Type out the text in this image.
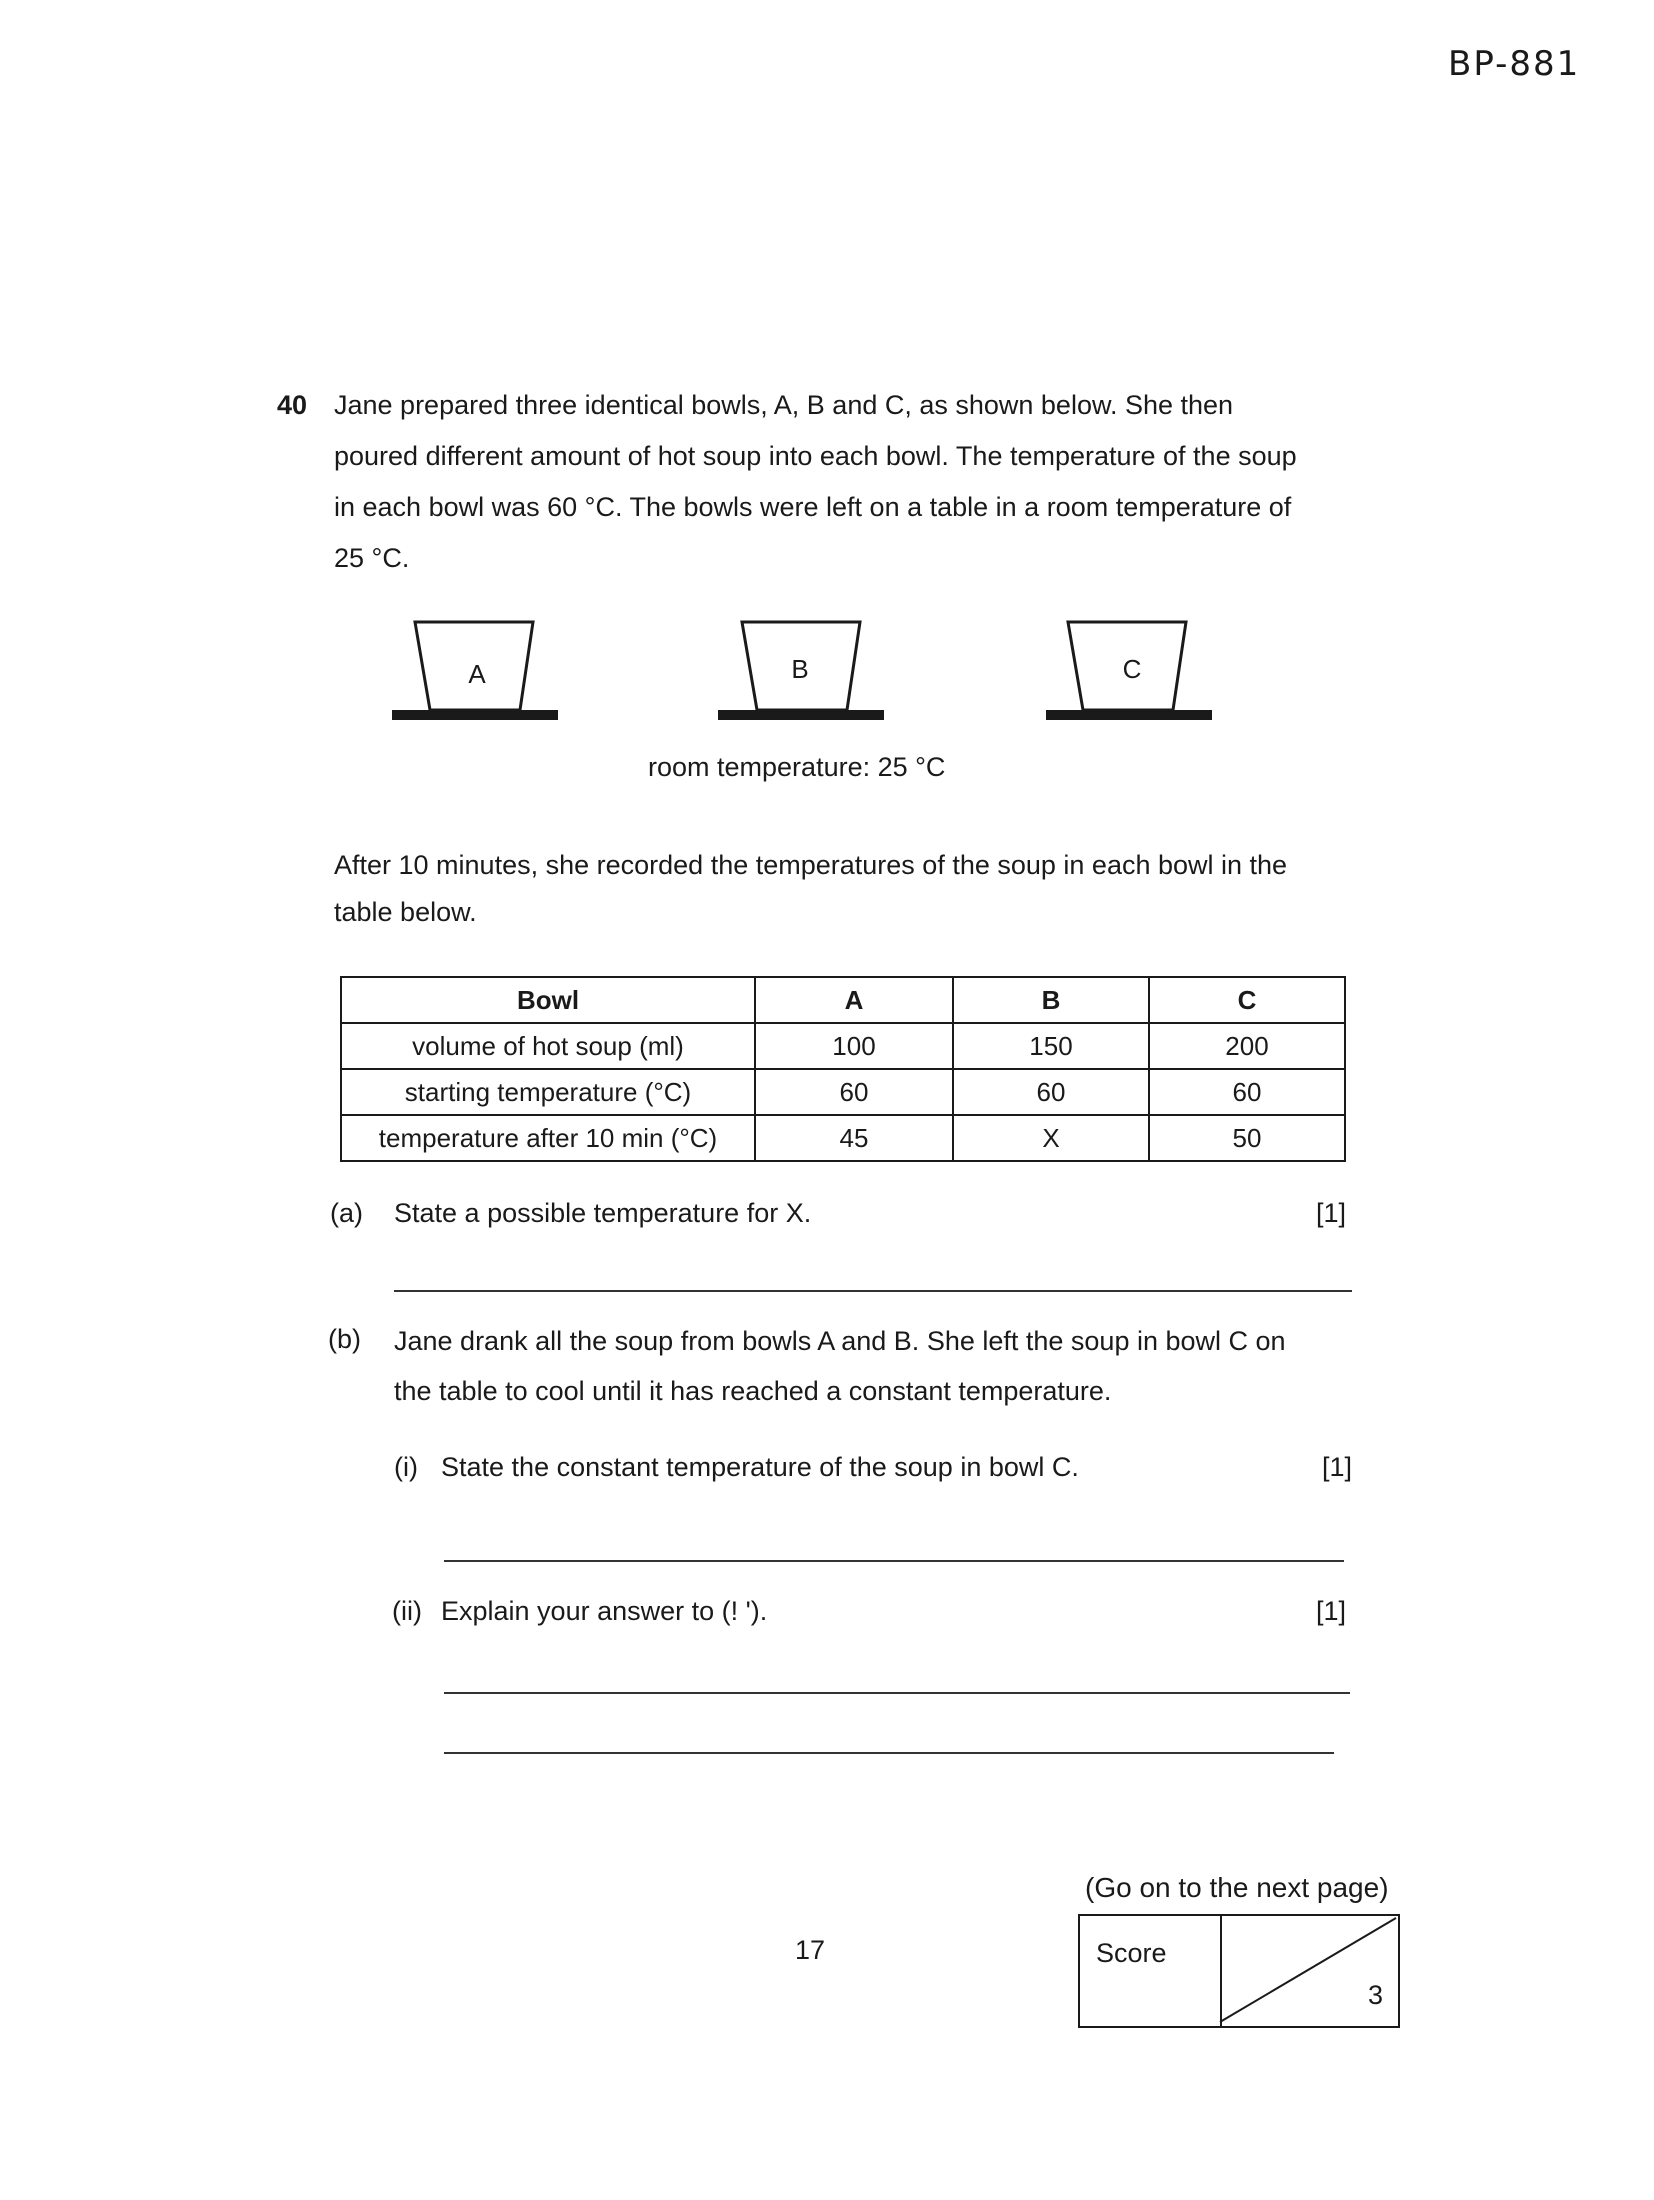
BP-881
40 Jane prepared three identical bowls, A, B and C, as shown below. She then
poured different amount of hot soup into each bowl. The temperature of the soup
in each bowl was 60 °C. The bowls were left on a table in a room temperature of
25 °C.
A	B	C
room temperature: 25 °C
After 10 minutes, she recorded the temperatures of the soup in each bowl in the
table below.
Bowl	A	B	C
volume of hot soup (ml)	100	150	200
starting temperature (°C)	60	60	60
temperature after 10 min (°C)	45	X	50
(a) State a possible temperature for X.	[1]
(b) Jane drank all the soup from bowls A and B. She left the soup in bowl C on
the table to cool until it has reached a constant temperature.
(i) State the constant temperature of the soup in bowl C.	[1]
(ii) Explain your answer to (! ').	[1]
(Go on to the next page)
17	Score
3
